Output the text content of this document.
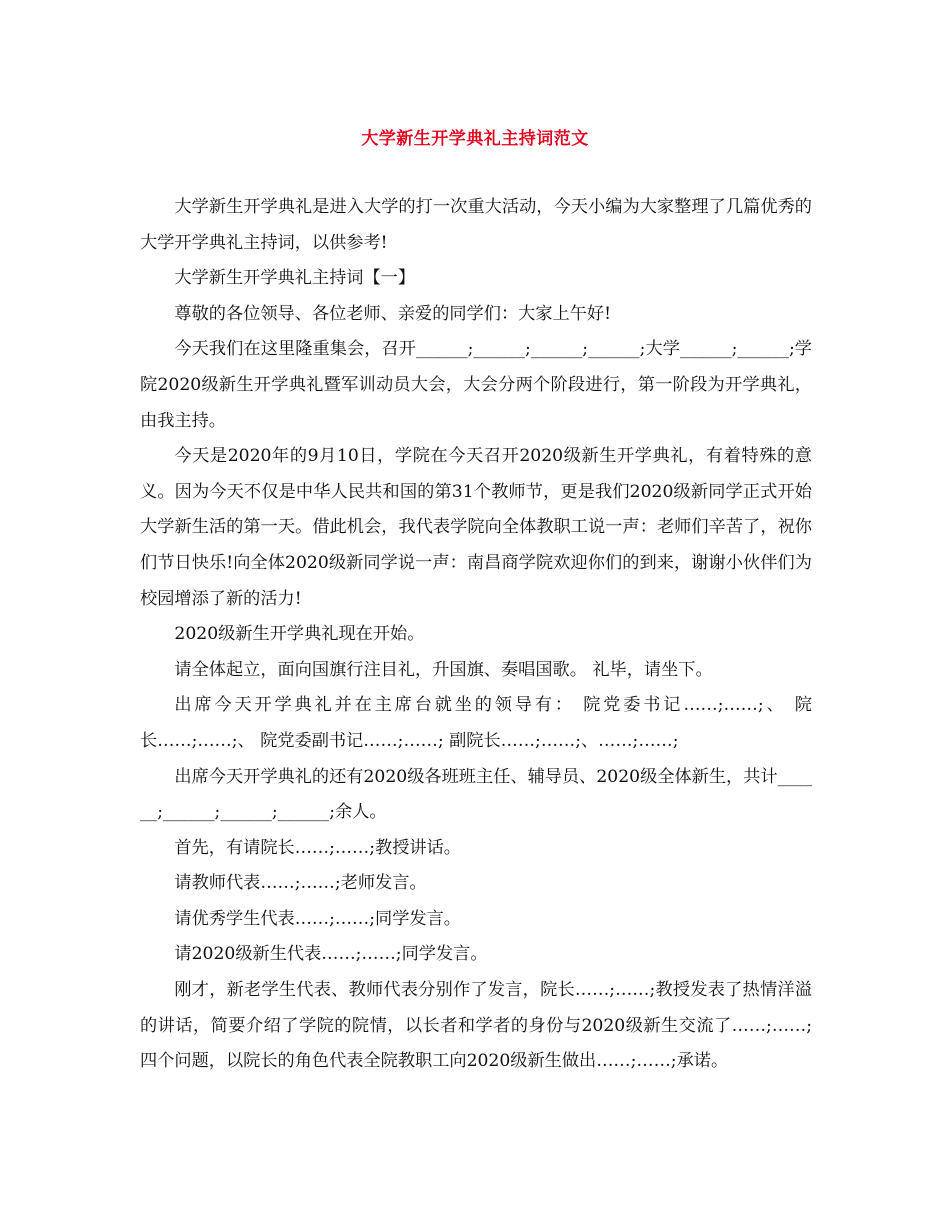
大学新生开学典礼主持词范文

大学新生开学典礼是进入大学的打一次重大活动，今天小编为大家整理了几篇优秀的大学开学典礼主持词，以供参考!

大学新生开学典礼主持词【一】

尊敬的各位领导、各位老师、亲爱的同学们：大家上午好!

今天我们在这里隆重集会，召开______;______;______;______;大学______;______;学院2020级新生开学典礼暨军训动员大会，大会分两个阶段进行，第一阶段为开学典礼，由我主持。

今天是2020年的9月10日，学院在今天召开2020级新生开学典礼，有着特殊的意义。因为今天不仅是中华人民共和国的第31个教师节，更是我们2020级新同学正式开始大学新生活的第一天。借此机会，我代表学院向全体教职工说一声：老师们辛苦了，祝你们节日快乐!向全体2020级新同学说一声：南昌商学院欢迎你们的到来，谢谢小伙伴们为校园增添了新的活力!

2020级新生开学典礼现在开始。

请全体起立，面向国旗行注目礼，升国旗、奏唱国歌。 礼毕，请坐下。

出席今天开学典礼并在主席台就坐的领导有： 院党委书记……;……;、 院长……;……;、 院党委副书记……;……; 副院长……;……;、……;……;

出席今天开学典礼的还有2020级各班班主任、辅导员、2020级全体新生，共计______;______;______;______;余人。

首先，有请院长……;……;教授讲话。

请教师代表……;……;老师发言。

请优秀学生代表……;……;同学发言。

请2020级新生代表……;……;同学发言。

刚才，新老学生代表、教师代表分别作了发言，院长……;……;教授发表了热情洋溢的讲话，简要介绍了学院的院情，以长者和学者的身份与2020级新生交流了……;……;四个问题，以院长的角色代表全院教职工向2020级新生做出……;……;承诺。
